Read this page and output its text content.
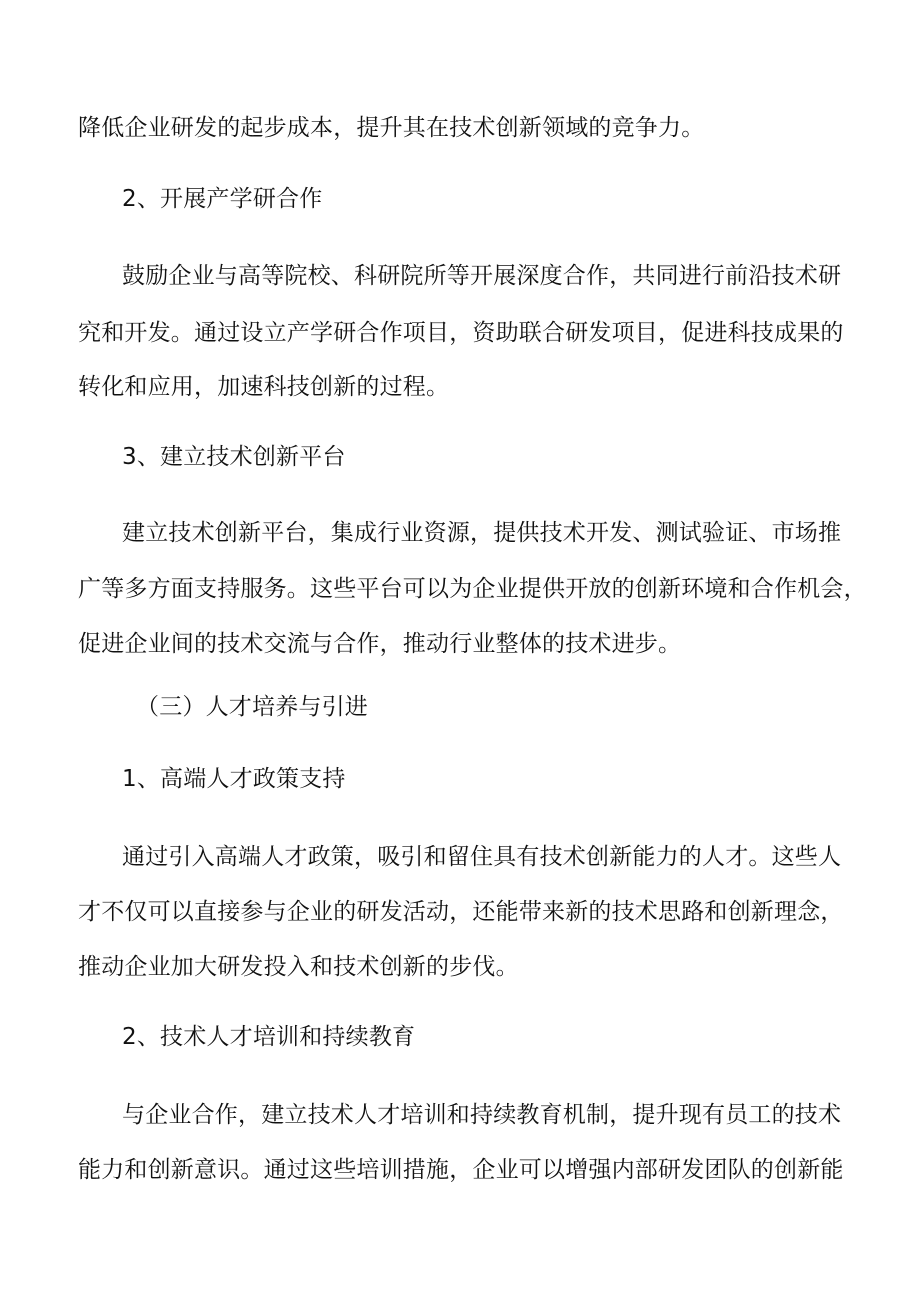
降低企业研发的起步成本，提升其在技术创新领域的竞争力。
2、开展产学研合作
鼓励企业与高等院校、科研院所等开展深度合作，共同进行前沿技术研
究和开发。通过设立产学研合作项目，资助联合研发项目，促进科技成果的
转化和应用，加速科技创新的过程。
3、建立技术创新平台
建立技术创新平台，集成行业资源，提供技术开发、测试验证、市场推
广等多方面支持服务。这些平台可以为企业提供开放的创新环境和合作机会，
促进企业间的技术交流与合作，推动行业整体的技术进步。
（三）人才培养与引进
1、高端人才政策支持
通过引入高端人才政策，吸引和留住具有技术创新能力的人才。这些人
才不仅可以直接参与企业的研发活动，还能带来新的技术思路和创新理念，
推动企业加大研发投入和技术创新的步伐。
2、技术人才培训和持续教育
与企业合作，建立技术人才培训和持续教育机制，提升现有员工的技术
能力和创新意识。通过这些培训措施，企业可以增强内部研发团队的创新能
